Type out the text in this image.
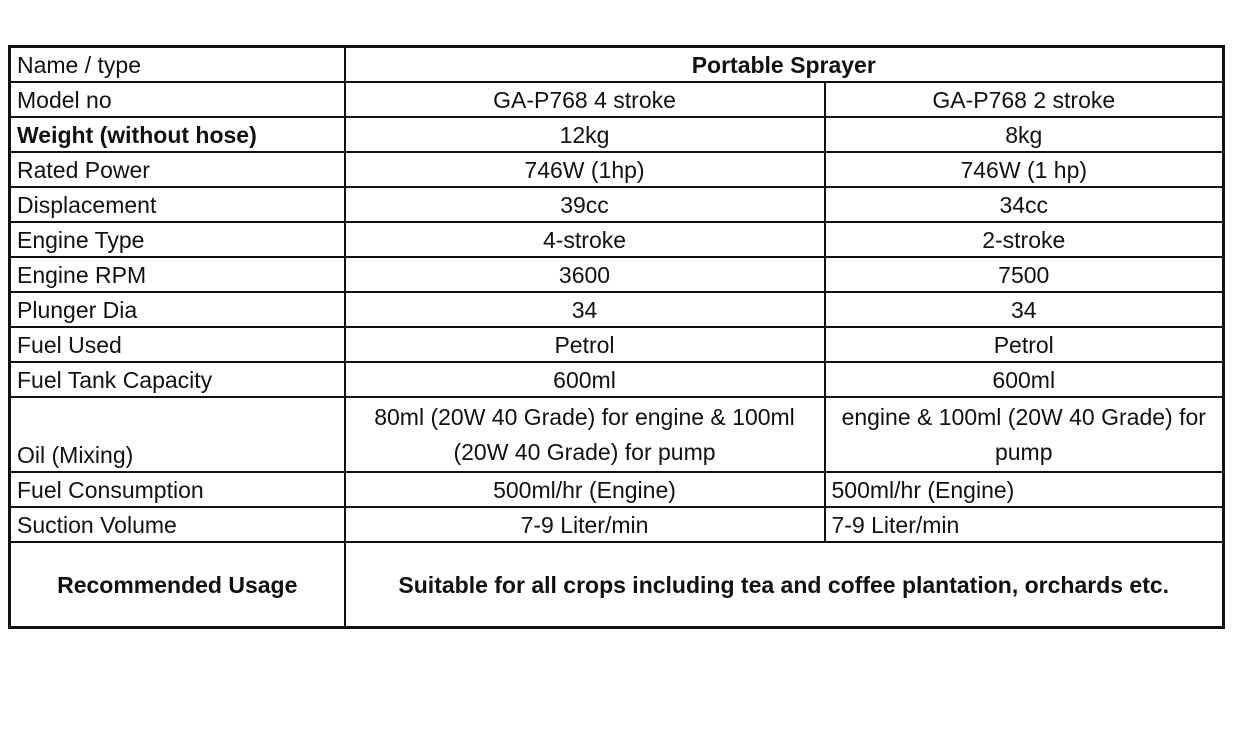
Name / type	Portable Sprayer	
Model no	GA-P768 4 stroke	GA-P768 2 stroke
Weight (without hose)	12kg	8kg
Rated Power	746W (1hp)	746W (1 hp)
Displacement	39cc	34cc
Engine Type	4-stroke	2-stroke
Engine RPM	3600	7500
Plunger Dia	34	34
Fuel Used	Petrol	Petrol
Fuel Tank Capacity	600ml	600ml
Oil (Mixing)	80ml (20W 40 Grade) for engine & 100ml (20W 40 Grade) for pump	engine & 100ml (20W 40 Grade) for pump
Fuel Consumption	500ml/hr (Engine)	500ml/hr (Engine)
Suction Volume	7-9 Liter/min	7-9 Liter/min
Recommended Usage	Suitable for all crops including tea and coffee plantation, orchards etc.	
